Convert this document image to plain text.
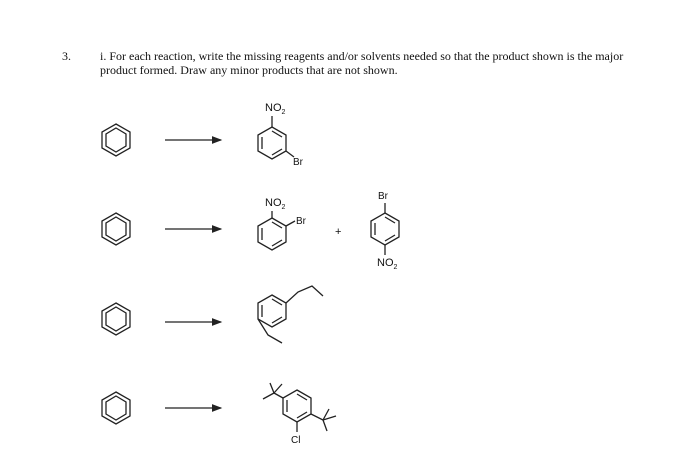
3. i. For each reaction, write the missing reagents and/or solvents needed so that the product shown is the major product formed. Draw any minor products that are not shown.
$NO_2$
Br
$NO_2$
Br
+
Br
$NO_2$
Cl
